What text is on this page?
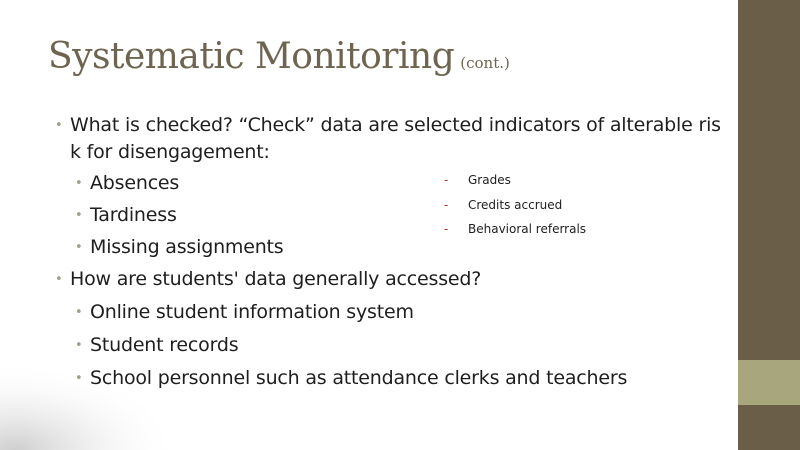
Systematic Monitoring (cont.)
• What is checked? “Check” data are selected indicators of alterable ris
k for disengagement:
• Absences
• Tardiness
• Missing assignments
- Grades
- Credits accrued
- Behavioral referrals
• How are students' data generally accessed?
• Online student information system
• Student records
• School personnel such as attendance clerks and teachers
